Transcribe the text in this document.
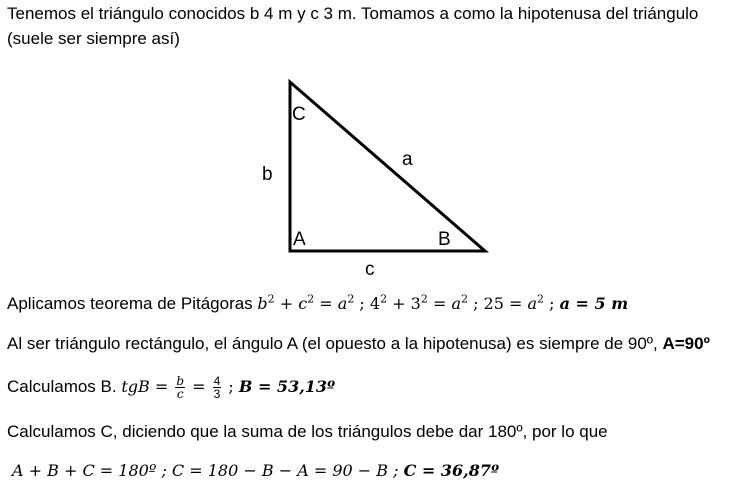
Tenemos el triángulo conocidos b 4 m y c 3 m. Tomamos a como la hipotenusa del triángulo
(suele ser siempre así)
C
A	B
a
b
c
Aplicamos teorema de Pitágoras $b^2 + c^2 = a^2$ ; $4^2 + 3^2 = a^2$ ; $25 = a^2$ ; a = 5 m
Al ser triángulo rectángulo, el ángulo A (el opuesto a la hipotenusa) es siempre de 90º, A=90º
Calculamos B. tgB = $\frac{b}{c} = \frac{4}{3}$ ; B = 53,13º
Calculamos C, diciendo que la suma de los triángulos debe dar 180º, por lo que
A + B + C = 180º ; C = 180 − B − A = 90 − B ; C = 36,87º
